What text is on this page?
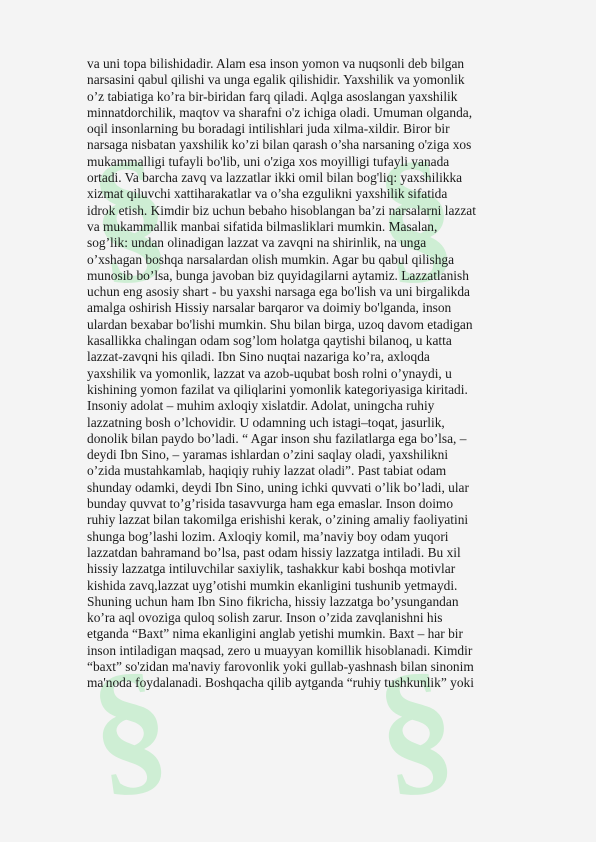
§ §
§ §
va uni topa bilishidadir. Alam esa inson yomon va nuqsonli deb bilgan
narsasini qabul qilishi va unga egalik qilishidir. Yaxshilik va yomonlik
o’z tabiatiga ko’ra bir-biridan farq qiladi. Aqlga asoslangan yaxshilik
minnatdorchilik, maqtov va sharafni o'z ichiga oladi. Umuman olganda,
oqil insonlarning bu boradagi intilishlari juda xilma-xildir. Biror bir
narsaga nisbatan yaxshilik ko’zi bilan qarash o’sha narsaning o'ziga xos
mukammalligi tufayli bo'lib, uni o'ziga xos moyilligi tufayli yanada
ortadi. Va barcha zavq va lazzatlar ikki omil bilan bog'liq: yaxshilikka
xizmat qiluvchi xattiharakatlar va o’sha ezgulikni yaxshilik sifatida
idrok etish. Kimdir biz uchun bebaho hisoblangan ba’zi narsalarni lazzat
va mukammallik manbai sifatida bilmasliklari mumkin. Masalan,
sog’lik: undan olinadigan lazzat va zavqni na shirinlik, na unga
o’xshagan boshqa narsalardan olish mumkin. Agar bu qabul qilishga
munosib bo’lsa, bunga javoban biz quyidagilarni aytamiz. Lazzatlanish
uchun eng asosiy shart - bu yaxshi narsaga ega bo'lish va uni birgalikda
amalga oshirish Hissiy narsalar barqaror va doimiy bo'lganda, inson
ulardan bexabar bo'lishi mumkin. Shu bilan birga, uzoq davom etadigan
kasallikka chalingan odam sog’lom holatga qaytishi bilanoq, u katta
lazzat-zavqni his qiladi. Ibn Sino nuqtai nazariga ko’ra, axloqda
yaxshilik va yomonlik, lazzat va azob-uqubat bosh rolni o’ynaydi, u
kishining yomon fazilat va qiliqlarini yomonlik kategoriyasiga kiritadi.
Insoniy adolat – muhim axloqiy xislatdir. Adolat, uningcha ruhiy
lazzatning bosh o’lchovidir. U odamning uch istagi–toqat, jasurlik,
donolik bilan paydo bo’ladi. “ Agar inson shu fazilatlarga ega bo’lsa, –
deydi Ibn Sino, – yaramas ishlardan o’zini saqlay oladi, yaxshilikni
o’zida mustahkamlab, haqiqiy ruhiy lazzat oladi”. Past tabiat odam
shunday odamki, deydi Ibn Sino, uning ichki quvvati o’lik bo’ladi, ular
bunday quvvat to’g’risida tasavvurga ham ega emaslar. Inson doimo
ruhiy lazzat bilan takomilga erishishi kerak, o’zining amaliy faoliyatini
shunga bog’lashi lozim. Axloqiy komil, ma’naviy boy odam yuqori
lazzatdan bahramand bo’lsa, past odam hissiy lazzatga intiladi. Bu xil
hissiy lazzatga intiluvchilar saxiylik, tashakkur kabi boshqa motivlar
kishida zavq,lazzat uyg’otishi mumkin ekanligini tushunib yetmaydi.
Shuning uchun ham Ibn Sino fikricha, hissiy lazzatga bo’ysungandan
ko’ra aql ovoziga quloq solish zarur. Inson o’zida zavqlanishni his
etganda “Baxt” nima ekanligini anglab yetishi mumkin. Baxt – har bir
inson intiladigan maqsad, zero u muayyan komillik hisoblanadi. Kimdir
“baxt” so'zidan ma'naviy farovonlik yoki gullab-yashnash bilan sinonim
ma'noda foydalanadi. Boshqacha qilib aytganda “ruhiy tushkunlik” yoki
